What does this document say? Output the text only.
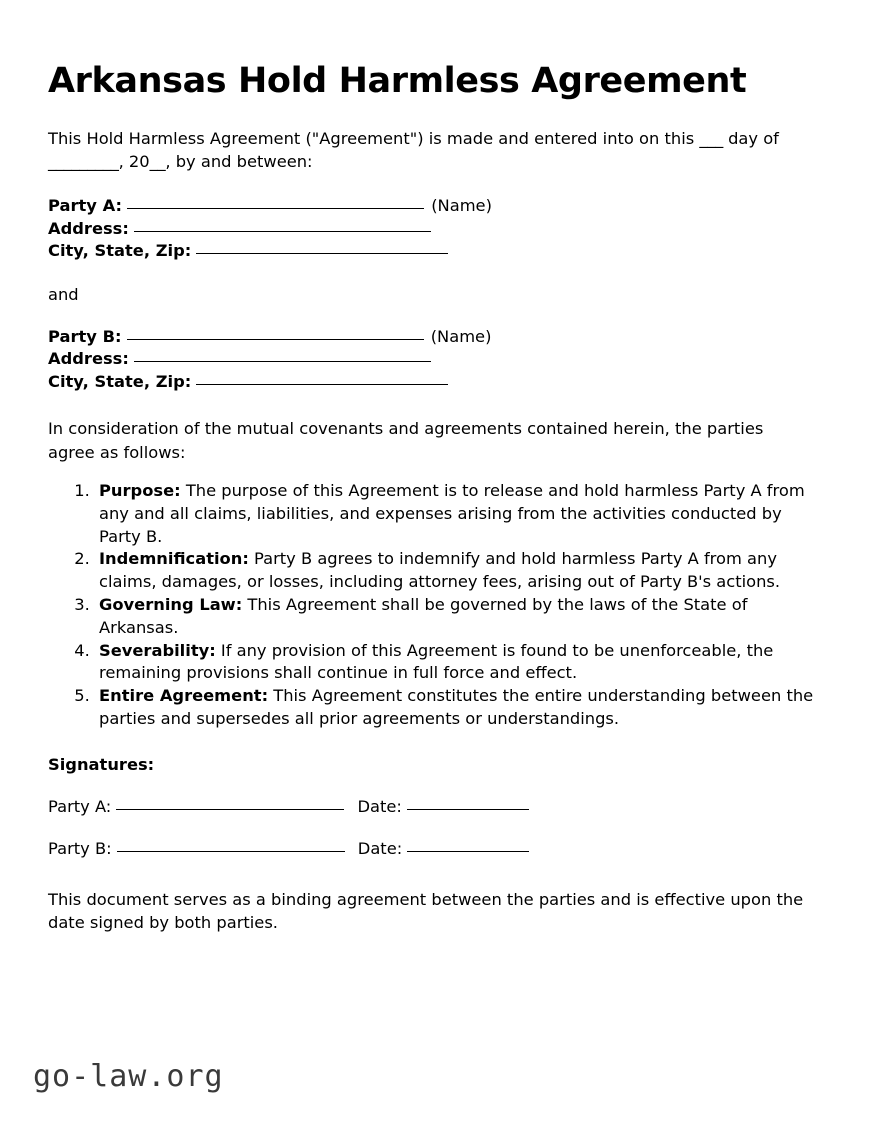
Arkansas Hold Harmless Agreement

This Hold Harmless Agreement ("Agreement") is made and entered into on this ___ day of _________, 20__, by and between:

Party A:	(Name)
Address:
City, State, Zip:
and
Party B:	(Name)
Address:
City, State, Zip:

In consideration of the mutual covenants and agreements contained herein, the parties agree as follows:

1. Purpose: The purpose of this Agreement is to release and hold harmless Party A from any and all claims, liabilities, and expenses arising from the activities conducted by Party B.
2. Indemnification: Party B agrees to indemnify and hold harmless Party A from any claims, damages, or losses, including attorney fees, arising out of Party B's actions.
3. Governing Law: This Agreement shall be governed by the laws of the State of Arkansas.
4. Severability: If any provision of this Agreement is found to be unenforceable, the remaining provisions shall continue in full force and effect.
5. Entire Agreement: This Agreement constitutes the entire understanding between the parties and supersedes all prior agreements or understandings.
Signatures:
Party A:	Date:
Party B:	Date:

This document serves as a binding agreement between the parties and is effective upon the date signed by both parties.

go-law.org
